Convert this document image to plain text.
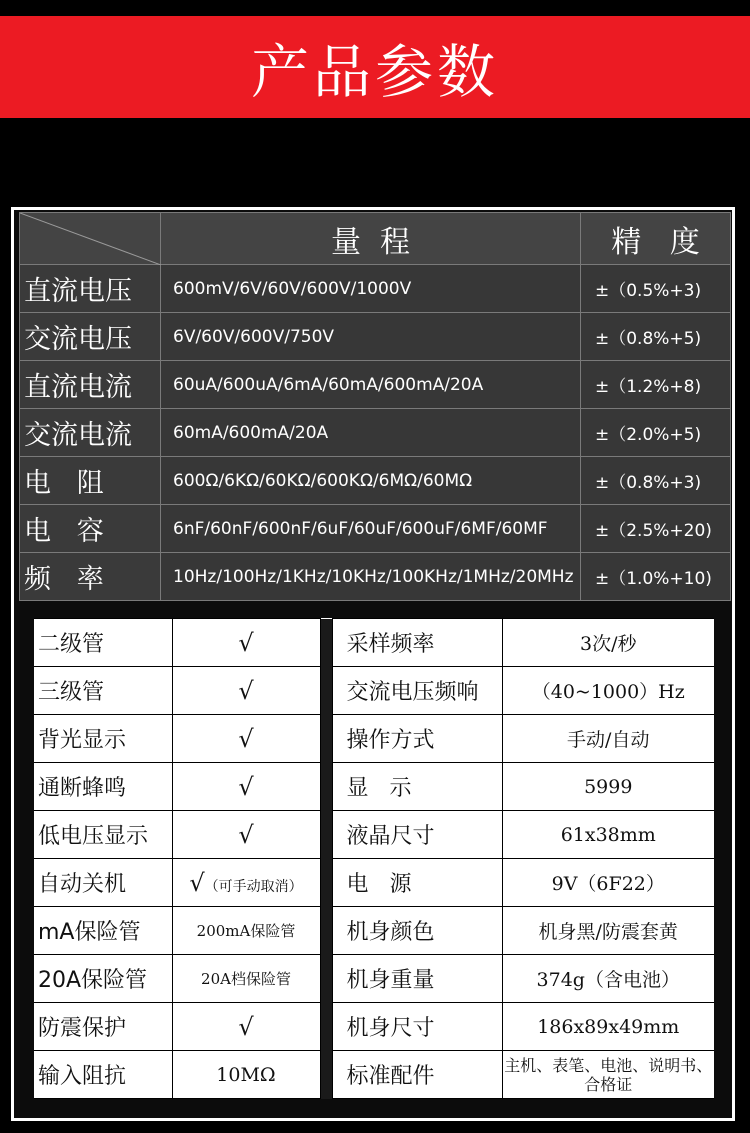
产品参数
	量  程	精   度
直流电压	600mV/6V/60V/600V/1000V	±（0.5%+3)
交流电压	6V/60V/600V/750V	±（0.8%+5)
直流电流	60uA/600uA/6mA/60mA/600mA/20A	±（1.2%+8)
交流电流	60mA/600mA/20A	±（2.0%+5)
电   阻	600Ω/6KΩ/60KΩ/600KΩ/6MΩ/60MΩ	±（0.8%+3)
电   容	6nF/60nF/600nF/6uF/60uF/600uF/6MF/60MF	±（2.5%+20)
频   率	10Hz/100Hz/1KHz/10KHz/100KHz/1MHz/20MHz	±（1.0%+10)
二级管	√		采样频率	3次/秒
三级管	√		交流电压频响	（40~1000）Hz
背光显示	√		操作方式	手动/自动
通断蜂鸣	√		显   示	5999
低电压显示	√		液晶尺寸	61x38mm
自动关机	√（可手动取消）		电   源	9V（6F22）
mA保险管	200mA保险管		机身颜色	机身黑/防震套黄
20A保险管	20A档保险管		机身重量	374g（含电池）
防震保护	√		机身尺寸	186x89x49mm
输入阻抗	10MΩ		标准配件	主机、表笔、电池、说明书、合格证
